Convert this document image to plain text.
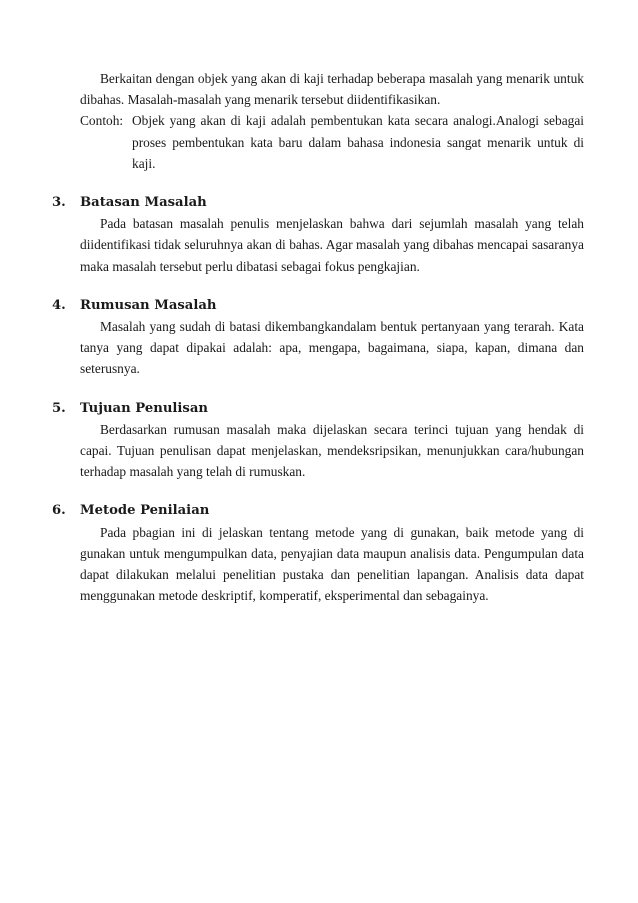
Berkaitan dengan objek yang akan di kaji terhadap beberapa masalah yang menarik untuk dibahas. Masalah-masalah yang menarik tersebut diidentifikasikan.

Contoh: Objek yang akan di kaji adalah pembentukan kata secara analogi.Analogi sebagai proses pembentukan kata baru dalam bahasa indonesia sangat menarik untuk di kaji.

3.	Batasan Masalah

Pada batasan masalah penulis menjelaskan bahwa dari sejumlah masalah yang telah diidentifikasi tidak seluruhnya akan di bahas. Agar masalah yang dibahas mencapai sasaranya maka masalah tersebut perlu dibatasi sebagai fokus pengkajian.

4.	Rumusan Masalah

Masalah yang sudah di batasi dikembangkandalam bentuk pertanyaan yang terarah. Kata tanya yang dapat dipakai adalah: apa, mengapa, bagaimana, siapa, kapan, dimana dan seterusnya.

5.	Tujuan Penulisan

Berdasarkan rumusan masalah maka dijelaskan secara terinci tujuan yang hendak di capai. Tujuan penulisan dapat menjelaskan, mendeksripsikan, menunjukkan cara/hubungan terhadap masalah yang telah di rumuskan.

6.	Metode Penilaian

Pada pbagian ini di jelaskan tentang metode yang di gunakan, baik metode yang di gunakan untuk mengumpulkan data, penyajian data maupun analisis data. Pengumpulan data dapat dilakukan melalui penelitian pustaka dan penelitian lapangan. Analisis data dapat menggunakan metode deskriptif, komperatif, eksperimental dan sebagainya.
